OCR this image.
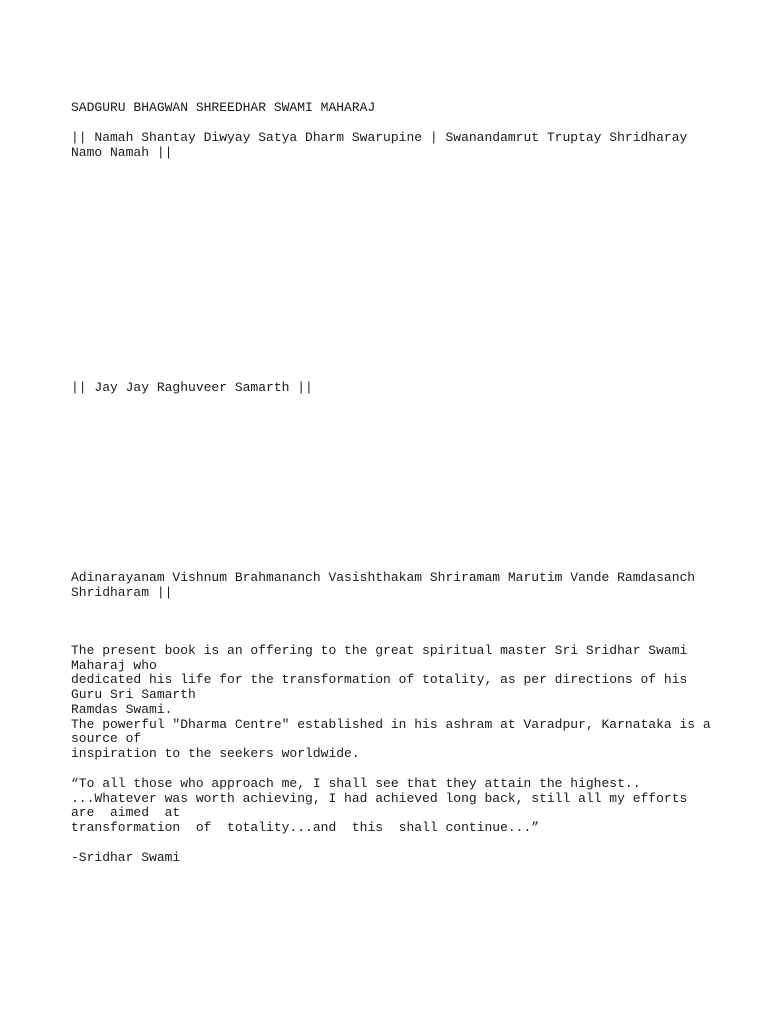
SADGURU BHAGWAN SHREEDHAR SWAMI MAHARAJ

|| Namah Shantay Diwyay Satya Dharm Swarupine | Swanandamrut Truptay Shridharay
Namo Namah ||

|| Jay Jay Raghuveer Samarth ||

Adinarayanam Vishnum Brahmananch Vasishthakam Shriramam Marutim Vande Ramdasanch
Shridharam ||

The present book is an offering to the great spiritual master Sri Sridhar Swami
Maharaj who
dedicated his life for the transformation of totality, as per directions of his
Guru Sri Samarth
Ramdas Swami.
The powerful "Dharma Centre" established in his ashram at Varadpur, Karnataka is a
source of
inspiration to the seekers worldwide.

“To all those who approach me, I shall see that they attain the highest..
...Whatever was worth achieving, I had achieved long back, still all my efforts
are  aimed  at
transformation  of  totality...and  this  shall continue...”

-Sridhar Swami
